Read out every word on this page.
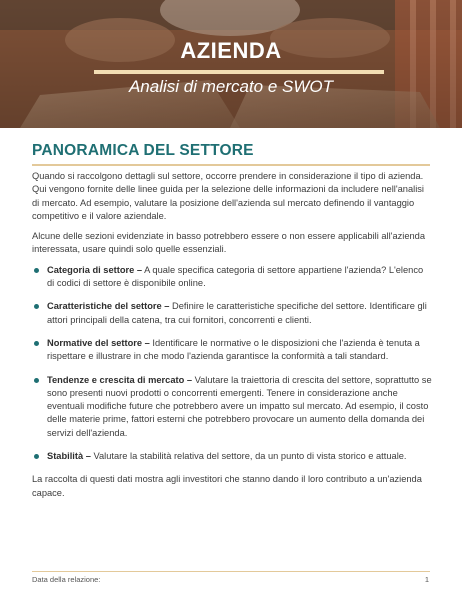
AZIENDA
Analisi di mercato e SWOT
PANORAMICA DEL SETTORE

Quando si raccolgono dettagli sul settore, occorre prendere in considerazione il tipo di azienda. Qui vengono fornite delle linee guida per la selezione delle informazioni da includere nell'analisi di mercato. Ad esempio, valutare la posizione dell'azienda sul mercato definendo il vantaggio competitivo e il valore aziendale.

Alcune delle sezioni evidenziate in basso potrebbero essere o non essere applicabili all'azienda interessata, usare quindi solo quelle essenziali.

Categoria di settore – A quale specifica categoria di settore appartiene l'azienda? L'elenco di codici di settore è disponibile online.
Caratteristiche del settore – Definire le caratteristiche specifiche del settore. Identificare gli attori principali della catena, tra cui fornitori, concorrenti e clienti.
Normative del settore – Identificare le normative o le disposizioni che l'azienda è tenuta a rispettare e illustrare in che modo l'azienda garantisce la conformità a tali standard.
Tendenze e crescita di mercato – Valutare la traiettoria di crescita del settore, soprattutto se sono presenti nuovi prodotti o concorrenti emergenti. Tenere in considerazione anche eventuali modifiche future che potrebbero avere un impatto sul mercato. Ad esempio, il costo delle materie prime, fattori esterni che potrebbero provocare un aumento della domanda dei servizi dell'azienda.
Stabilità – Valutare la stabilità relativa del settore, da un punto di vista storico e attuale.

La raccolta di questi dati mostra agli investitori che stanno dando il loro contributo a un'azienda capace.

Data della relazione:	1
